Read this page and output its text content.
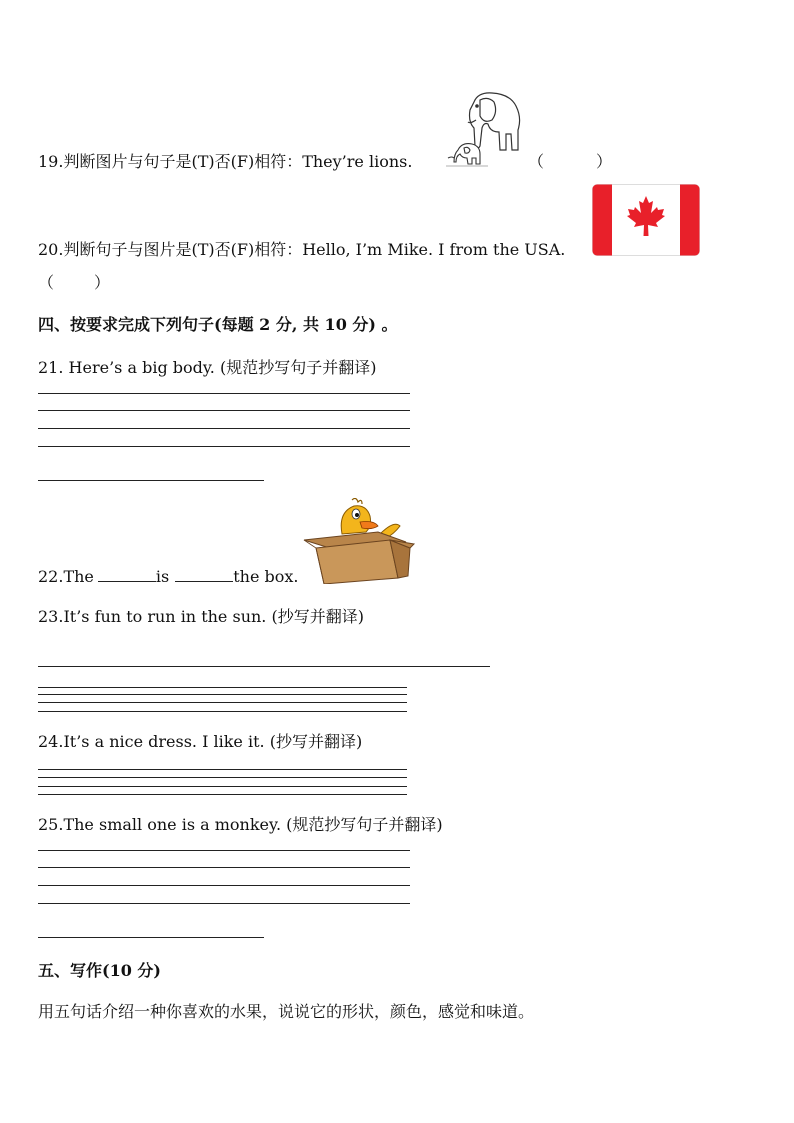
19.判断图片与句子是(T)否(F)相符：They’re lions.	（	）
20.判断句子与图片是(T)否(F)相符：Hello, I’m Mike. I from the USA.
（	）
四、按要求完成下列句子(每题 2 分, 共 10 分) 。
21. Here’s a big body. (规范抄写句子并翻译)
22.The	is	the box.
23.It’s fun to run in the sun. (抄写并翻译)
24.It’s a nice dress. I like it. (抄写并翻译)
25.The small one is a monkey. (规范抄写句子并翻译)
五、写作(10 分)
用五句话介绍一种你喜欢的水果，说说它的形状，颜色，感觉和味道。
